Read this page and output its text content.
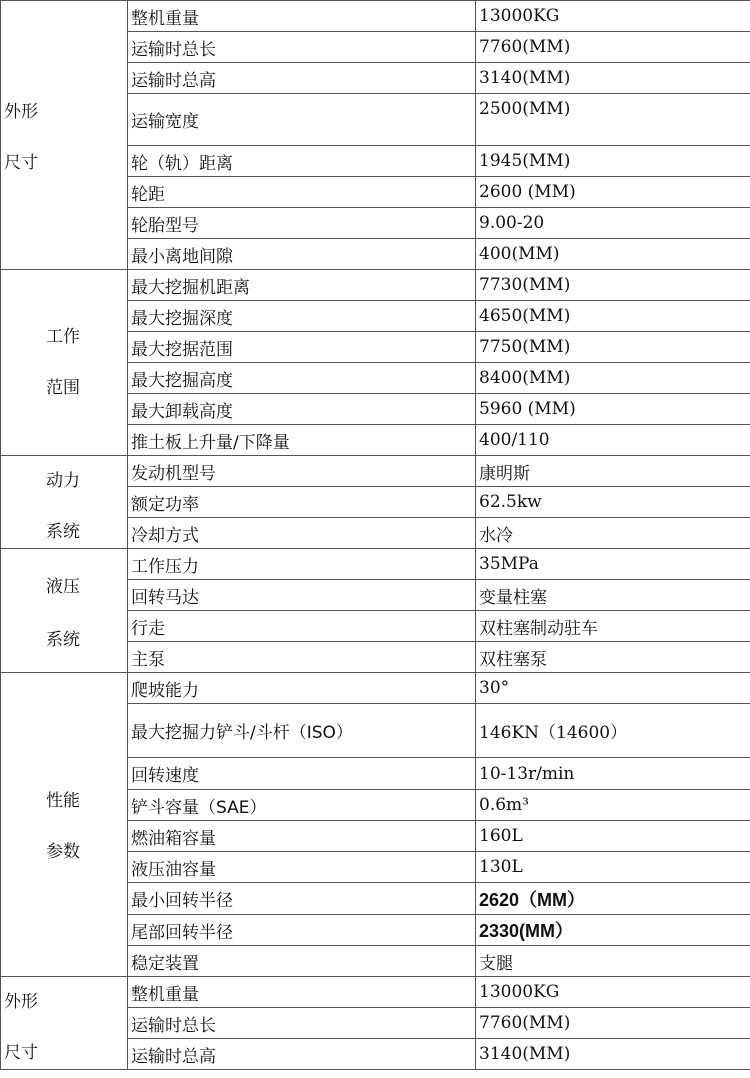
外形
尺寸	整机重量	13000KG
	运输时总长	7760(MM)
	运输时总高	3140(MM)
	运输宽度	2500(MM)
	轮（轨）距离	1945(MM)
	轮距	2600 (MM)
	轮胎型号	9.00-20
	最小离地间隙	400(MM)

工作
范围	最大挖掘机距离	7730(MM)
	最大挖掘深度	4650(MM)
	最大挖据范围	7750(MM)
	最大挖掘高度	8400(MM)
	最大卸载高度	5960 (MM)
	推土板上升量/下降量	400/110

动力
系统	发动机型号	康明斯
	额定功率	62.5kw
	冷却方式	水冷

液压
系统	工作压力	35MPa
	回转马达	变量柱塞
	行走	双柱塞制动驻车
	主泵	双柱塞泵

性能
参数	爬坡能力	30°
	最大挖掘力铲斗/斗杆（ISO）	146KN（14600）
	回转速度	10-13r/min
	铲斗容量（SAE）	0.6m³
	燃油箱容量	160L
	液压油容量	130L
	最小回转半径	2620（MM）
	尾部回转半径	2330(MM）
	稳定装置	支腿

外形
尺寸	整机重量	13000KG
	运输时总长	7760(MM)
	运输时总高	3140(MM)
